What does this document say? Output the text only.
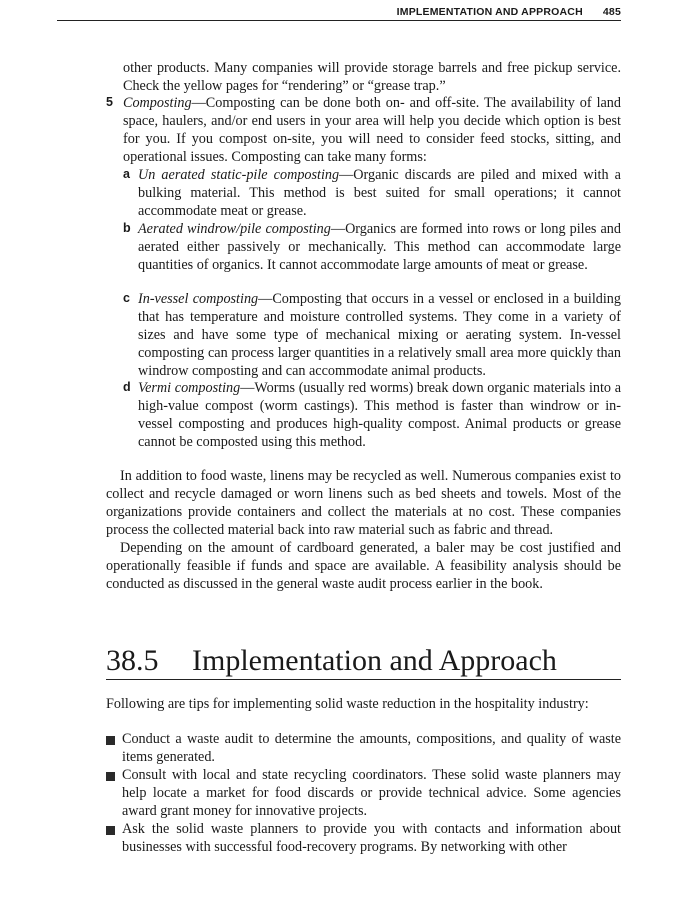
IMPLEMENTATION AND APPROACH 485
other products. Many companies will provide storage barrels and free pickup service. Check the yellow pages for “rendering” or “grease trap.”
5 Composting—Composting can be done both on- and off-site. The availability of land space, haulers, and/or end users in your area will help you decide which option is best for you. If you compost on-site, you will need to consider feed stocks, sitting, and operational issues. Composting can take many forms:
a Un aerated static-pile composting—Organic discards are piled and mixed with a bulking material. This method is best suited for small operations; it cannot accommodate meat or grease.
b Aerated windrow/pile composting—Organics are formed into rows or long piles and aerated either passively or mechanically. This method can accommodate large quantities of organics. It cannot accommodate large amounts of meat or grease.
c In-vessel composting—Composting that occurs in a vessel or enclosed in a building that has temperature and moisture controlled systems. They come in a variety of sizes and have some type of mechanical mixing or aerating system. In-vessel composting can process larger quantities in a relatively small area more quickly than windrow composting and can accommodate animal products.
d Vermi composting—Worms (usually red worms) break down organic materials into a high-value compost (worm castings). This method is faster than windrow or in-vessel composting and produces high-quality compost. Animal products or grease cannot be composted using this method.

In addition to food waste, linens may be recycled as well. Numerous companies exist to collect and recycle damaged or worn linens such as bed sheets and towels. Most of the organizations provide containers and collect the materials at no cost. These companies process the collected material back into raw material such as fabric and thread.

Depending on the amount of cardboard generated, a baler may be cost justified and operationally feasible if funds and space are available. A feasibility analysis should be conducted as discussed in the general waste audit process earlier in the book.

38.5 Implementation and Approach
Following are tips for implementing solid waste reduction in the hospitality industry:
Conduct a waste audit to determine the amounts, compositions, and quality of waste items generated.
Consult with local and state recycling coordinators. These solid waste planners may help locate a market for food discards or provide technical advice. Some agencies award grant money for innovative projects.
Ask the solid waste planners to provide you with contacts and information about businesses with successful food-recovery programs. By networking with other
